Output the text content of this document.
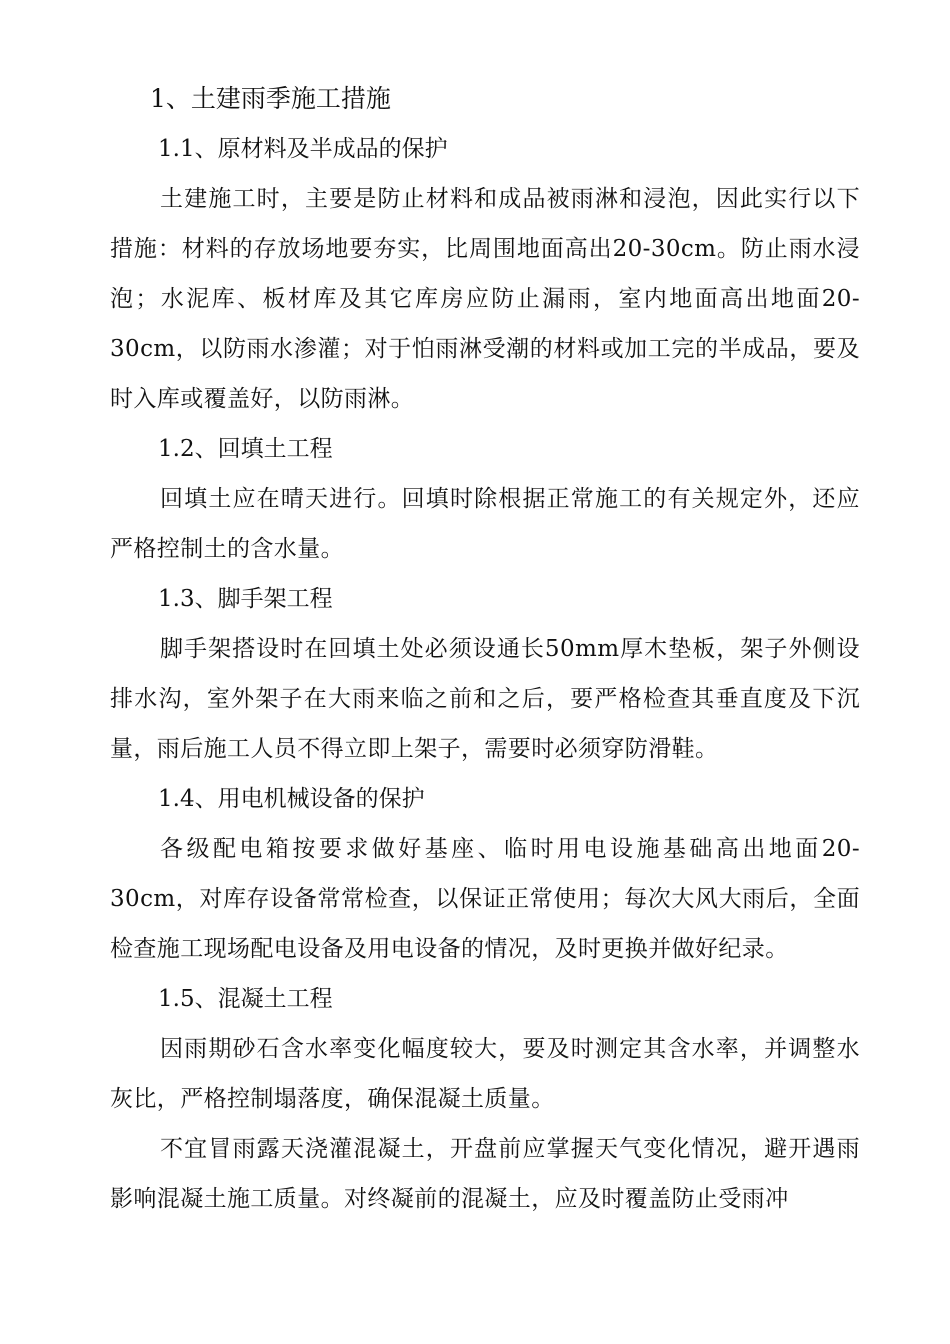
1、土建雨季施工措施
1.1、原材料及半成品的保护

土建施工时，主要是防止材料和成品被雨淋和浸泡，因此实行以下措施：材料的存放场地要夯实，比周围地面高出20-30cm。防止雨水浸泡；水泥库、板材库及其它库房应防止漏雨，室内地面高出地面20-30cm，以防雨水渗灌；对于怕雨淋受潮的材料或加工完的半成品，要及时入库或覆盖好，以防雨淋。

1.2、回填土工程

回填土应在晴天进行。回填时除根据正常施工的有关规定外，还应严格控制土的含水量。

1.3、脚手架工程

脚手架搭设时在回填土处必须设通长50mm厚木垫板，架子外侧设排水沟，室外架子在大雨来临之前和之后，要严格检查其垂直度及下沉量，雨后施工人员不得立即上架子，需要时必须穿防滑鞋。

1.4、用电机械设备的保护

各级配电箱按要求做好基座、临时用电设施基础高出地面20-30cm，对库存设备常常检查，以保证正常使用；每次大风大雨后，全面检查施工现场配电设备及用电设备的情况，及时更换并做好纪录。

1.5、混凝土工程

因雨期砂石含水率变化幅度较大，要及时测定其含水率，并调整水灰比，严格控制塌落度，确保混凝土质量。

不宜冒雨露天浇灌混凝土，开盘前应掌握天气变化情况，避开遇雨影响混凝土施工质量。对终凝前的混凝土，应及时覆盖防止受雨冲
